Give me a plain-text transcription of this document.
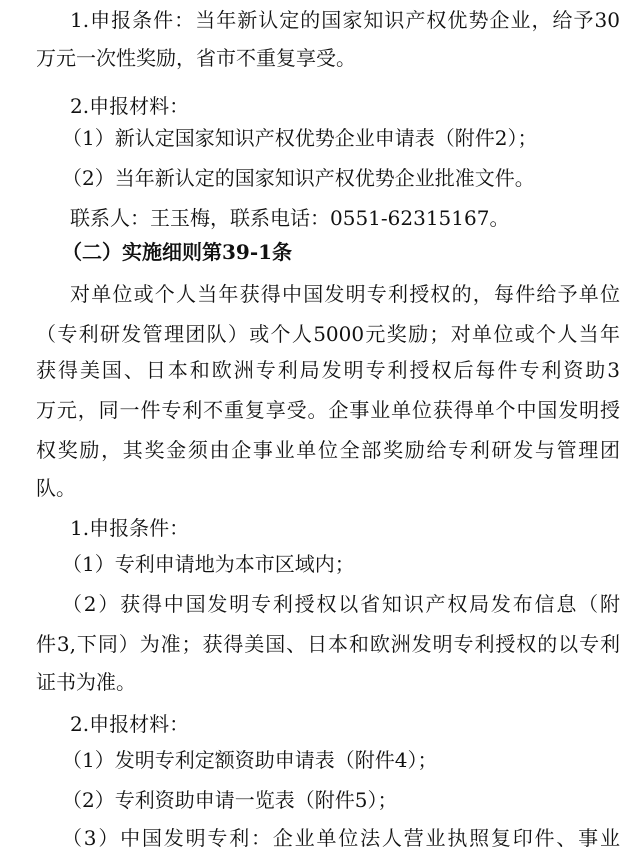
1.申报条件：当年新认定的国家知识产权优势企业，给予30
万元一次性奖励，省市不重复享受。
2.申报材料：
（1）新认定国家知识产权优势企业申请表（附件2）；
（2）当年新认定的国家知识产权优势企业批准文件。
联系人：王玉梅，联系电话：0551-62315167。
（二）实施细则第39-1条
对单位或个人当年获得中国发明专利授权的，每件给予单位
（专利研发管理团队）或个人5000元奖励；对单位或个人当年
获得美国、日本和欧洲专利局发明专利授权后每件专利资助3
万元，同一件专利不重复享受。企事业单位获得单个中国发明授
权奖励，其奖金须由企事业单位全部奖励给专利研发与管理团
队。
1.申报条件：
（1）专利申请地为本市区域内；
（2）获得中国发明专利授权以省知识产权局发布信息（附
件3,下同）为准；获得美国、日本和欧洲发明专利授权的以专利
证书为准。
2.申报材料：
（1）发明专利定额资助申请表（附件4）；
（2）专利资助申请一览表（附件5）；
（3）中国发明专利：企业单位法人营业执照复印件、事业
